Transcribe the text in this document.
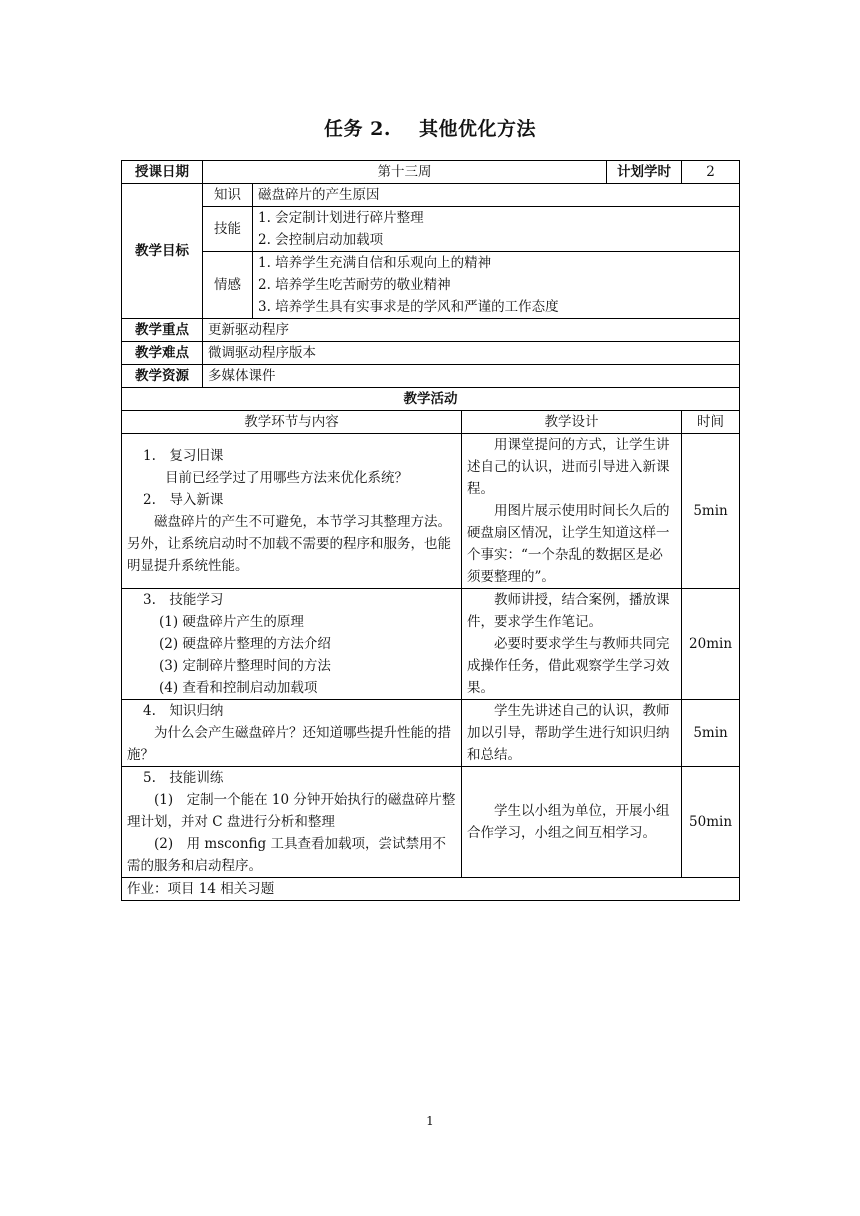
任务 2. 其他优化方法
授课日期	第十三周			计划学时	2
教学目标	知识	磁盘碎片的产生原因			
	技能	1. 会定制计划进行碎片整理
2. 会控制启动加载项			

	情感	1. 培养学生充满自信和乐观向上的精神
2. 培养学生吃苦耐劳的敬业精神
3. 培养学生具有实事求是的学风和严谨的工作态度			

教学重点	更新驱动程序				
教学难点	微调驱动程序版本				
教学资源	多媒体课件				
教学活动					
教学环节与内容			教学设计		时间

1.　复习旧课
目前已经学过了用哪些方法来优化系统？
2.　导入新课
磁盘碎片的产生不可避免，本节学习其整理方法。另外，让系统启动时不加载不需要的程序和服务，也能明显提升系统性能。			用课堂提问的方式，让学生讲述自己的认识，进而引导进入新课程。
用图片展示使用时间长久后的硬盘扇区情况，让学生知道这样一个事实：“一个杂乱的数据区是必须要整理的”。		5min

3.　技能学习
(1) 硬盘碎片产生的原理
(2) 硬盘碎片整理的方法介绍
(3) 定制碎片整理时间的方法
(4) 查看和控制启动加载项			教师讲授，结合案例，播放课件，要求学生作笔记。
必要时要求学生与教师共同完成操作任务，借此观察学生学习效果。		20min

4.　知识归纳
为什么会产生磁盘碎片？还知道哪些提升性能的措施？			学生先讲述自己的认识，教师加以引导，帮助学生进行知识归纳和总结。		5min

5.　技能训练
(1)　定制一个能在 10 分钟开始执行的磁盘碎片整理计划，并对 C 盘进行分析和整理
(2)　用 msconfig 工具查看加载项，尝试禁用不需的服务和启动程序。			学生以小组为单位，开展小组合作学习，小组之间互相学习。		50min
作业：项目 14 相关习题					
1
